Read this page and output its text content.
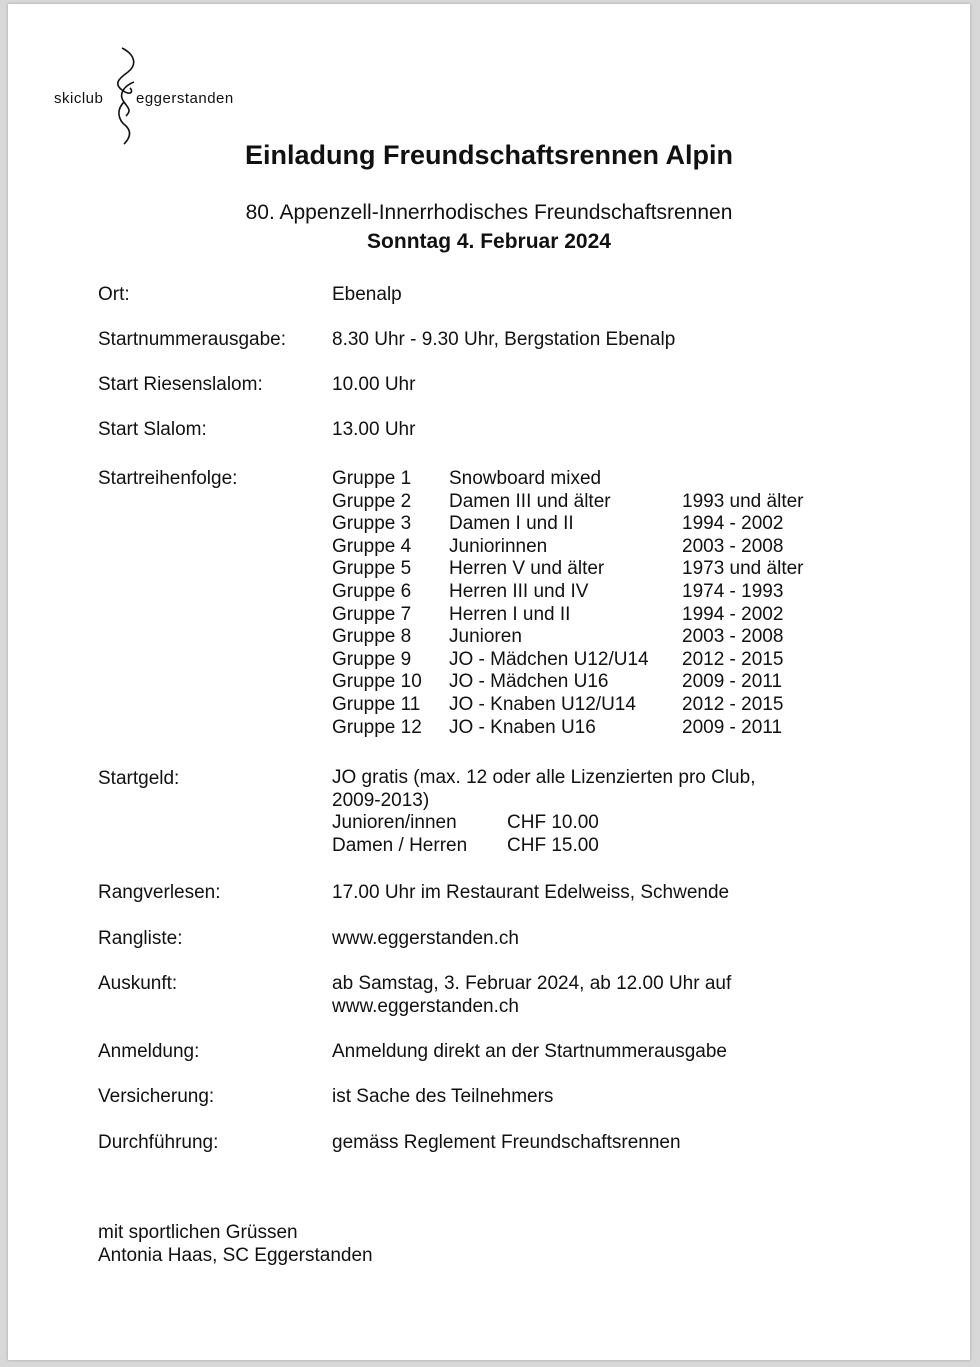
skiclub eggerstanden
Einladung Freundschaftsrennen Alpin
80. Appenzell-Innerrhodisches Freundschaftsrennen
Sonntag 4. Februar 2024
Ort:	Ebenalp
Startnummerausgabe: 8.30 Uhr - 9.30 Uhr, Bergstation Ebenalp
Start Riesenslalom:	10.00 Uhr
Start Slalom:	13.00 Uhr
Startreihenfolge:	Gruppe 1 Snowboard mixed
Gruppe 2 Damen III und älter	1993 und älter
Gruppe 3 Damen I und II	1994 - 2002
Gruppe 4 Juniorinnen	2003 - 2008
Gruppe 5 Herren V und älter	1973 und älter
Gruppe 6 Herren III und IV	1974 - 1993
Gruppe 7 Herren I und II	1994 - 2002
Gruppe 8 Junioren	2003 - 2008
Gruppe 9 JO - Mädchen U12/U14 2012 - 2015
Gruppe 10 JO - Mädchen U16	2009 - 2011
Gruppe 11 JO - Knaben U12/U14 2012 - 2015
Gruppe 12 JO - Knaben U16	2009 - 2011
Startgeld:	JO gratis (max. 12 oder alle Lizenzierten pro Club,
2009-2013)
Junioren/innen	CHF 10.00
Damen / Herren CHF 15.00
Rangverlesen:	17.00 Uhr im Restaurant Edelweiss, Schwende
Rangliste:	www.eggerstanden.ch
Auskunft:	ab Samstag, 3. Februar 2024, ab 12.00 Uhr auf
www.eggerstanden.ch
Anmeldung:	Anmeldung direkt an der Startnummerausgabe
Versicherung:	ist Sache des Teilnehmers
Durchführung:	gemäss Reglement Freundschaftsrennen
mit sportlichen Grüssen
Antonia Haas, SC Eggerstanden
